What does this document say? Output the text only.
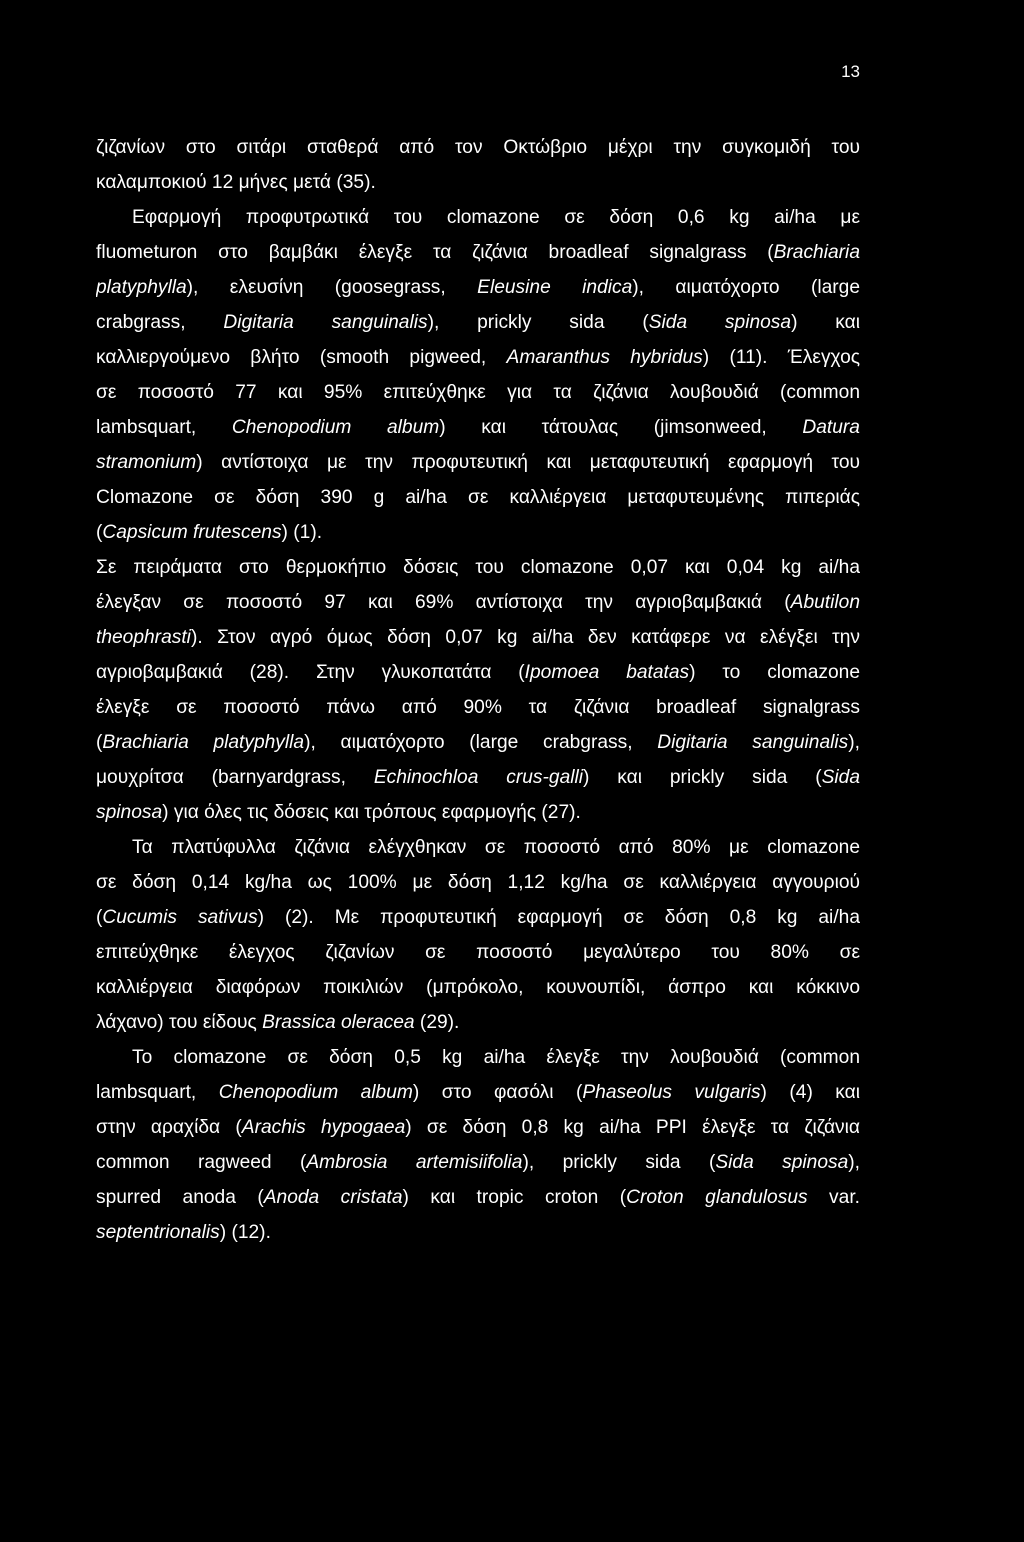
13
ζιζανίων στο σιτάρι σταθερά από τον Οκτώβριο μέχρι την συγκομιδή του
καλαμποκιού 12 μήνες μετά (35).
Εφαρμογή προφυτρωτικά του clomazone σε δόση 0,6 kg ai/ha με
fluometuron στο βαμβάκι έλεγξε τα ζιζάνια broadleaf signalgrass (Brachiaria
platyphylla), ελευσίνη (goosegrass, Eleusine indica), αιματόχορτο (large
crabgrass, Digitaria sanguinalis), prickly sida (Sida spinosa) και
καλλιεργούμενο βλήτο (smooth pigweed, Amaranthus hybridus) (11). Έλεγχος
σε ποσοστό 77 και 95% επιτεύχθηκε για τα ζιζάνια λουβουδιά (common
lambsquart, Chenopodium album) και τάτουλας (jimsonweed, Datura
stramonium) αντίστοιχα με την προφυτευτική και μεταφυτευτική εφαρμογή του
Clomazone σε δόση 390 g ai/ha σε καλλιέργεια μεταφυτευμένης πιπεριάς
(Capsicum frutescens) (1).
Σε πειράματα στο θερμοκήπιο δόσεις του clomazone 0,07 και 0,04 kg ai/ha
έλεγξαν σε ποσοστό 97 και 69% αντίστοιχα την αγριοβαμβακιά (Abutilon
theophrasti). Στον αγρό όμως δόση 0,07 kg ai/ha δεν κατάφερε να ελέγξει την
αγριοβαμβακιά (28). Στην γλυκοπατάτα (Ipomoea batatas) το clomazone
έλεγξε σε ποσοστό πάνω από 90% τα ζιζάνια broadleaf signalgrass
(Brachiaria platyphylla), αιματόχορτο (large crabgrass, Digitaria sanguinalis),
μουχρίτσα (barnyardgrass, Echinochloa crus-galli) και prickly sida (Sida
spinosa) για όλες τις δόσεις και τρόπους εφαρμογής (27).
Τα πλατύφυλλα ζιζάνια ελέγχθηκαν σε ποσοστό από 80% με clomazone
σε δόση 0,14 kg/ha ως 100% με δόση 1,12 kg/ha σε καλλιέργεια αγγουριού
(Cucumis sativus) (2). Με προφυτευτική εφαρμογή σε δόση 0,8 kg ai/ha
επιτεύχθηκε έλεγχος ζιζανίων σε ποσοστό μεγαλύτερο του 80% σε
καλλιέργεια διαφόρων ποικιλιών (μπρόκολο, κουνουπίδι, άσπρο και κόκκινο
λάχανο) του είδους Brassica oleracea (29).
Το clomazone σε δόση 0,5 kg ai/ha έλεγξε την λουβουδιά (common
lambsquart, Chenopodium album) στο φασόλι (Phaseolus vulgaris) (4) και
στην αραχίδα (Arachis hypogaea) σε δόση 0,8 kg ai/ha PPI έλεγξε τα ζιζάνια
common ragweed (Ambrosia artemisiifolia), prickly sida (Sida spinosa),
spurred anoda (Anoda cristata) και tropic croton (Croton glandulosus var.
septentrionalis) (12).
